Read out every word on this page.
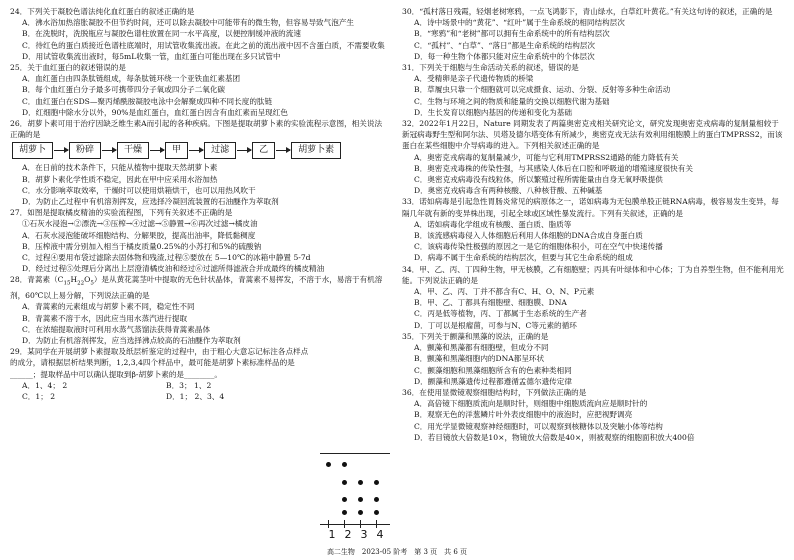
24．下列关于凝胶色谱法纯化血红蛋白的叙述正确的是
A．沸水浴加热溶胀凝胶不但节约时间，还可以除去凝胶中可能带有的微生物，但容易导致气泡产生
B．在洗脱时，洗脱瓶应与凝胶色谱柱放置在同一水平高度，以便控制缓冲液的流速
C．待红色的蛋白质接近色谱柱底端时，用试管收集流出液。在此之前的流出液中因不含蛋白质，不需要收集
D．用试管收集流出液时，每5mL收集一管，血红蛋白可能出现在多只试管中
25．关于血红蛋白的叙述错误的是
A．血红蛋白由四条肽链组成，每条肽链环绕一个亚铁血红素基团
B．每个血红蛋白分子最多可携带四分子氧或四分子二氧化碳
C．血红蛋白在SDS—聚丙烯酰胺凝胶电泳中会解聚成四种不同长度的肽链
D．红细胞中除水分以外，90%是血红蛋白，血红蛋白因含有血红素而呈现红色
26．胡萝卜素可用于治疗因缺乏维生素A而引起的各种疾病。下图是提取胡萝卜素的实验流程示意图，相关说法正确的是
胡萝卜	粉碎	干燥	甲	过滤	乙	胡萝卜素
A．在日前的技术条件下，只能从植物中提取天然胡萝卜素
B．胡萝卜素化学性质不稳定，因此在甲中应采用水浴加热
C．水分影响萃取效率，干燥时可以使用烘箱烘干，也可以用热风吹干
D．为防止乙过程中有机溶剂挥发，应选择冷凝回流装置的石油醚作为萃取剂
27．如图是提取橘皮精油的实验流程图，下列有关叙述不正确的是
①石灰水浸泡→②漂洗→③压榨→④过滤→⑤静置→⑥再次过滤→橘皮油
A．石灰水浸泡能破坏细胞结构、分解果胶，提高出油率，降低黏稠度
B．压榨液中需分别加入相当于橘皮质量0.25%的小苏打和5%的硫酸钠
C．过程④要用布袋过滤除去固体物和残渣,过程⑤要放在 5—10℃的冰箱中静置 5-7d
D．经过过程⑤处理后分离出上层澄清橘皮油和经过⑥过滤所得滤液合并成最终的橘皮精油
28．青蒿素$(C_{15}H_{22}O_5)$是从黄花蒿茎叶中提取的无色针状晶体，青蒿素不易挥发，不溶于水，易溶于有机溶剂，60℃以上易分解，下列说法正确的是
A．青蒿素的元素组成与胡萝卜素不同，稳定性不同
B．青蒿素不溶于水，因此应当用水蒸汽进行提取
C．在浓缩提取液时可利用水蒸气蒸馏法获得青蒿素晶体
D．为防止有机溶剂挥发，应当选择沸点较高的石油醚作为萃取剂
29．某同学在开展胡萝卜素提取及纸层析鉴定的过程中，由于粗心大意忘记标注各点样点的成分，请根据层析结果判断，1,2,3,4四个样品中，最可能是胡萝卜素标准样品的是______；提取样品中可以确认提取到β-胡萝卜素的是________。
A．1、4； 2	B．3； 1、2
C．1； 2	D．1； 2、3、4
1 2 3 4
30．“孤村落日残霞，轻烟老树寒鸦，一点飞鸿影下，青山绿水，白草红叶黄花。”有关这句诗的叙述，正确的是
A．诗中场景中的“黄花”、“红叶”属于生命系统的相同结构层次
B．“寒鸦”和“老树”都可以拥有生命系统中的所有结构层次
C．“孤村”、“白草”、“落日”都是生命系统的结构层次
D．每一种生物个体都只能对应生命系统中的个体层次
31．下列关于细胞与生命活动关系的叙述，错误的是
A．受精卵是亲子代遗传物质的桥梁
B．草履虫只靠一个细胞就可以完成摄食、运动、分裂、反射等多种生命活动
C．生物与环境之间的物质和能量的交换以细胞代谢为基础
D．生长发育以细胞内基因的传递和变化为基础
32．2022年1月22日，Nature 同期发表了两篇奥密克戎相关研究论文，研究发现奥密克戎病毒的复制量相较于新冠病毒野生型和阿尔法、贝塔及德尔塔变体有所减少，奥密克戎无法有效利用细胞膜上的蛋白TMPRSS2，而该蛋白在某些细胞中介导病毒的进入。下列相关叙述正确的是
A．奥密克戎病毒的复制量减少，可能与它利用TMPRSS2通路的能力降低有关
B．奥密克戎毒株的传染性强，与其感染人体后在口腔和呼吸道的增殖速度很快有关
C．奥密克戎病毒没有线粒体，所以繁殖过程所需能量由自身无氧呼吸提供
D．奥密克戎病毒含有两种核酸、八种核苷酸、五种碱基
33．诺如病毒是引起急性胃肠炎常见的病原体之一，诺如病毒为无包膜单股正链RNA病毒，极容易发生变异，每隔几年就有新的变异株出现，引起全球或区域性暴发流行。下列有关叙述，正确的是
A．诺如病毒化学组成有核酸、蛋白质、脂质等
B．该流感病毒侵入人体细胞后利用人体细胞的DNA合成自身蛋白质
C．该病毒传染性极强的原因之一是它的细胞体积小，可在空气中快速传播
D．病毒不属于生命系统的结构层次，但要与其它生命系统的组成
34．甲、乙、丙、丁四种生物，甲无核膜，乙有细胞壁；丙具有叶绿体和中心体；丁为自养型生物，但不能利用光能。下列说法正确的是
A．甲、乙、丙、丁并不都含有C、H、O、N、P元素
B．甲、乙、丁都具有细胞壁、细胞膜、DNA
C．丙是低等植物，丙、丁都属于生态系统的生产者
D．丁可以是根瘤菌，可参与N、C等元素的循环
35．下列关于颤藻和黑藻的说法，正确的是
A．颤藻和黑藻都有细胞壁，但成分不同
B．颤藻和黑藻细胞内的DNA都呈环状
C．颤藻细胞和黑藻细胞所含有的色素种类相同
D．颤藻和黑藻遗传过程都遵循孟德尔遗传定律
36．在使用显微镜观察细胞结构时，下列做法正确的是
A．高倍镜下细胞质流向是顺时针，则细胞中细胞质流向应是顺时针的
B．观察无色的洋葱鳞片叶外表皮细胞中的液泡时，应把视野调亮
C．用光学显微镜观察神经细胞时，可以观察到核糖体以及突触小体等结构
D．若目镜放大倍数是10×，物镜放大倍数是40×，则被观察的细胞面积放大400倍
高二生物　2023-05 阶考　第 3 页　共 6 页
